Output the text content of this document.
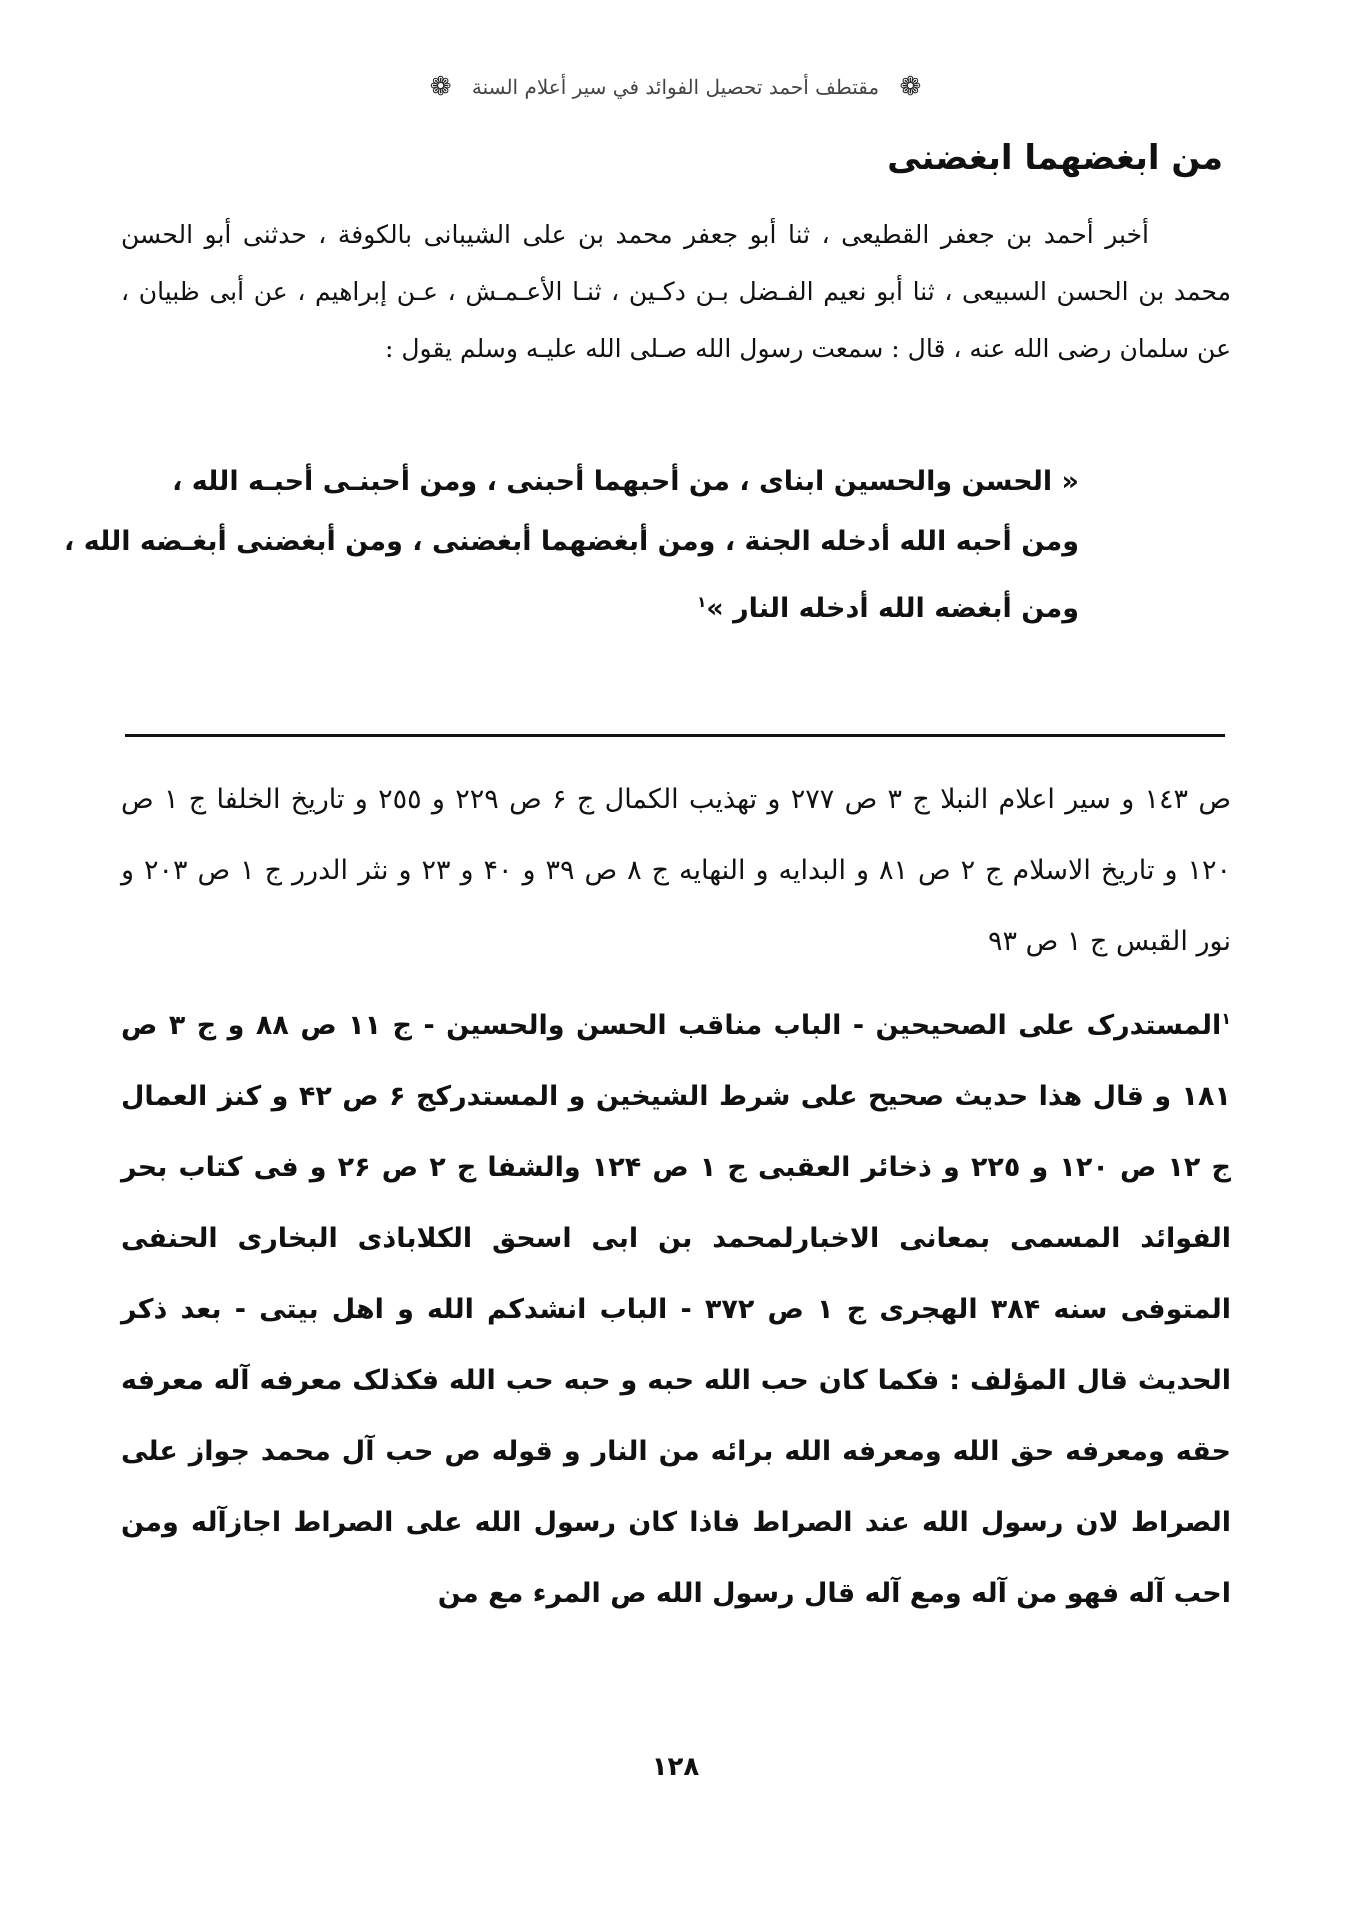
❁ مقتطف أحمد تحصيل الفوائد في سير أعلام السنة ❁
من ابغضهما ابغضنی

أخبر أحمد بن جعفر القطيعى ، ثنا أبو جعفر محمد بن على الشيبانى بالكوفة ، حدثنى أبو الحسن محمد بن الحسن السبيعى ، ثنا أبو نعيم الفـضل بـن دكـين ، ثنـا الأعـمـش ، عـن إبراهيم ، عن أبى ظبيان ، عن سلمان رضى الله عنه ، قال : سمعت رسول الله صـلى الله عليـه وسلم يقول :

« الحسن والحسين ابناى ، من أحبهما أحبنى ، ومن أحبنـى أحبـه الله ،
ومن أحبه الله أدخله الجنة ، ومن أبغضهما أبغضنى ، ومن أبغضنى أبغـضه الله ،
ومن أبغضه الله أدخله النار »$^١$

ص ١٤٣ و سير اعلام النبلا ج ٣ ص ٢٧٧ و تهذيب الكمال ج ۶ ص ٢٢٩ و ٢٥٥ و تاريخ الخلفا ج ١ ص ١٢٠ و تاريخ الاسلام ج ٢ ص ٨١ و البدايه و النهايه ج ٨ ص ٣٩ و ۴٠ و ٢٣ و نثر الدرر ج ١ ص ٢٠٣ و نور القبس ج ١ ص ٩٣

$^١$المستدرک علی الصحیحین - الباب مناقب الحسن والحسين - ج ١١ ص ٨٨ و ج ٣ ص ١٨١ و قال هذا حديث صحيح على شرط الشيخين و المستدرکج ۶ ص ۴٢ و كنز العمال ج ١٢ ص ١٢٠ و ٢٢٥ و ذخائر العقبى ج ١ ص ١٢۴ والشفا ج ٢ ص ٢۶ و فی کتاب بحر الفوائد المسمی بمعانی الاخبارلمحمد بن ابی اسحق الکلاباذی البخاری الحنفی المتوفی سنه ٣٨۴ الهجری ج ١ ص ٣٧٢ - الباب انشدکم الله و اهل بیتی - بعد ذکر الحدیث قال المؤلف : فکما کان حب الله حبه و حبه حب الله فکذلک معرفه آله معرفه حقه ومعرفه حق الله ومعرفه الله برائه من النار و قوله ص حب آل محمد جواز علی الصراط لان رسول الله عند الصراط فاذا کان رسول الله علی الصراط اجازآله ومن احب آله فهو من آله ومع آله قال رسول الله ص المرء مع من

١٢٨
